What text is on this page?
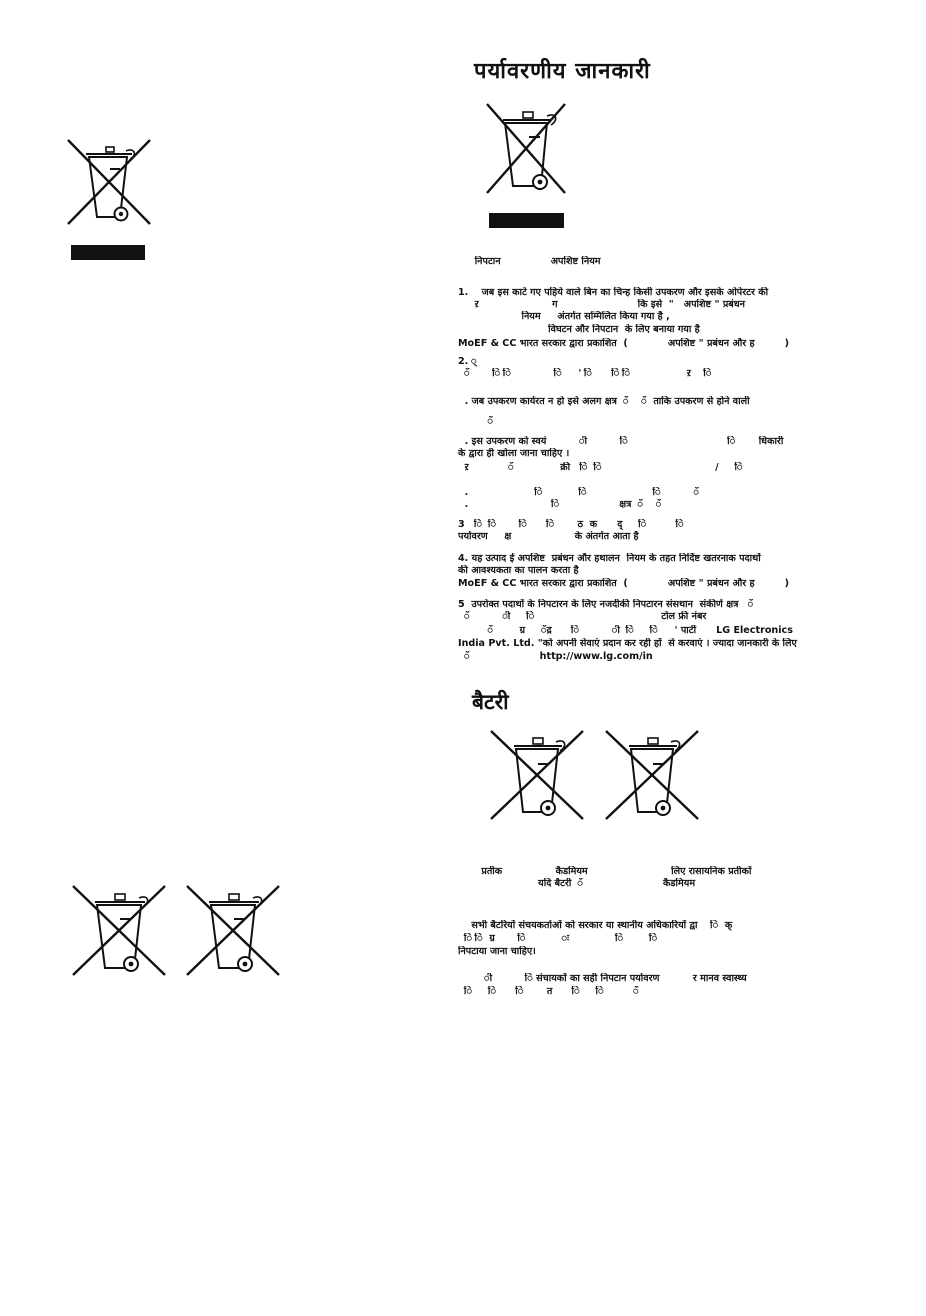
पर्यावरणीय जानकारी
निपटान               अपशिष्ट नियम
1.    जब इस काटे गए पहिये वाले बिन का चिन्ह किसी उपकरण और इसके ओपेरटर की
ऱ                      ग                        कि इसे  "   अपशिष्ट " प्रबंधन
नियम     अंतर्गत सम्मिलित किया गया है ,
विघटन और निपटान  के लिए बनाया गया है
MoEF & CC भारत सरकार द्वारा प्रकाशित  (            अपशिष्ट " प्रबंधन और ह         )
2. ्
ॅ       ि ि             ि     ' ि      ि ि                 ऱ    ि
. जब उपकरण कार्यरत न हो इसे अलग क्षत्र  ॅ    ॅ  ताकि उपकरण से होने वाली
ॅ
. इस उपकरण को स्वयं          ी          ि                              ि       धिकारी
के द्वारा ही खोला जाना चाहिए ।
ऱ            ॅ              क्री   ि  ि                                  /     ि
.                    ि           ि                    ि          ॅ
.                         ि                  क्षत्र  ॅ    ॅ
3   ि  ि       ि      ि       ठ  क      द्     ि         ि
पर्यावरण     क्ष                   के अंतर्गत आता है
4. यह उत्पाद ई अपशिष्ट  प्रबंधन और हथालन  नियम के तहत निर्दिष्ट खतरनाक पदार्थो
की आवश्यकता का पालन करता है
MoEF & CC भारत सरकार द्वारा प्रकाशित  (            अपशिष्ट " प्रबंधन और ह         )
5  उपरोक्त पदार्थो के निपटारन के लिए नजदीकी निपटारन संसथान  संकीर्ण क्षत्र   ॅ
ॅ          ी     ि                                      टोल फ्री नंबर
ॅ        ग्र     ॅद्र      ि          ी  ि     ि     ' पार्टी      LG Electronics
India Pvt. Ltd. "को अपनी सेवाएं प्रदान कर रही हों  से करवाएं । ज्यादा जानकारी के लिए
ॅ                     http://www.lg.com/in
बैटरी
प्रतीक                कैडमियम                         लिए रासायनिक प्रतीकों
यदि बैटरी  ॅ                        कैडमियम
सभी बैटरियों संचयकर्ताओं को सरकार या स्थानीय अधिकारियों द्वा    ि  क्
ि ि  ग्र       ि           ः              ि        ि
निपटाया जाना चाहिए।
ी          ि संचायकों का सही निपटान पर्यावरण          र मानव स्वास्थ्य
ि     ि      ि       त      ि     ि         ॅ
